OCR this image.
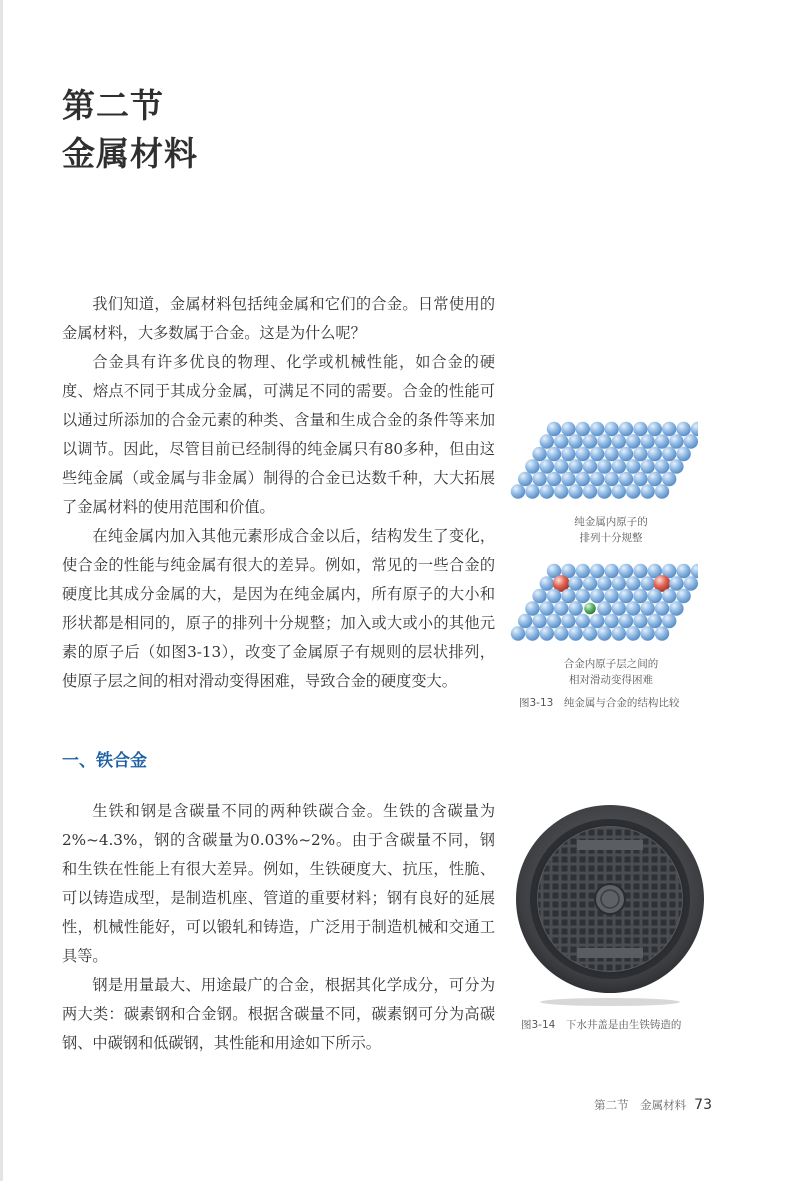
第二节
金属材料

我们知道，金属材料包括纯金属和它们的合金。日常使用的金属材料，大多数属于合金。这是为什么呢？

合金具有许多优良的物理、化学或机械性能，如合金的硬度、熔点不同于其成分金属，可满足不同的需要。合金的性能可以通过所添加的合金元素的种类、含量和生成合金的条件等来加以调节。因此，尽管目前已经制得的纯金属只有80多种，但由这些纯金属（或金属与非金属）制得的合金已达数千种，大大拓展了金属材料的使用范围和价值。

在纯金属内加入其他元素形成合金以后，结构发生了变化，使合金的性能与纯金属有很大的差异。例如，常见的一些合金的硬度比其成分金属的大，是因为在纯金属内，所有原子的大小和形状都是相同的，原子的排列十分规整；加入或大或小的其他元素的原子后（如图3-13），改变了金属原子有规则的层状排列，使原子层之间的相对滑动变得困难，导致合金的硬度变大。

一、铁合金

生铁和钢是含碳量不同的两种铁碳合金。生铁的含碳量为2%~4.3%，钢的含碳量为0.03%~2%。由于含碳量不同，钢和生铁在性能上有很大差异。例如，生铁硬度大、抗压，性脆、可以铸造成型，是制造机座、管道的重要材料；钢有良好的延展性，机械性能好，可以锻轧和铸造，广泛用于制造机械和交通工具等。

钢是用量最大、用途最广的合金，根据其化学成分，可分为两大类：碳素钢和合金钢。根据含碳量不同，碳素钢可分为高碳钢、中碳钢和低碳钢，其性能和用途如下所示。

纯金属内原子的
排列十分规整
合金内原子层之间的
相对滑动变得困难
图3-13　纯金属与合金的结构比较
图3-14　下水井盖是由生铁铸造的
第二节　金属材料 73
